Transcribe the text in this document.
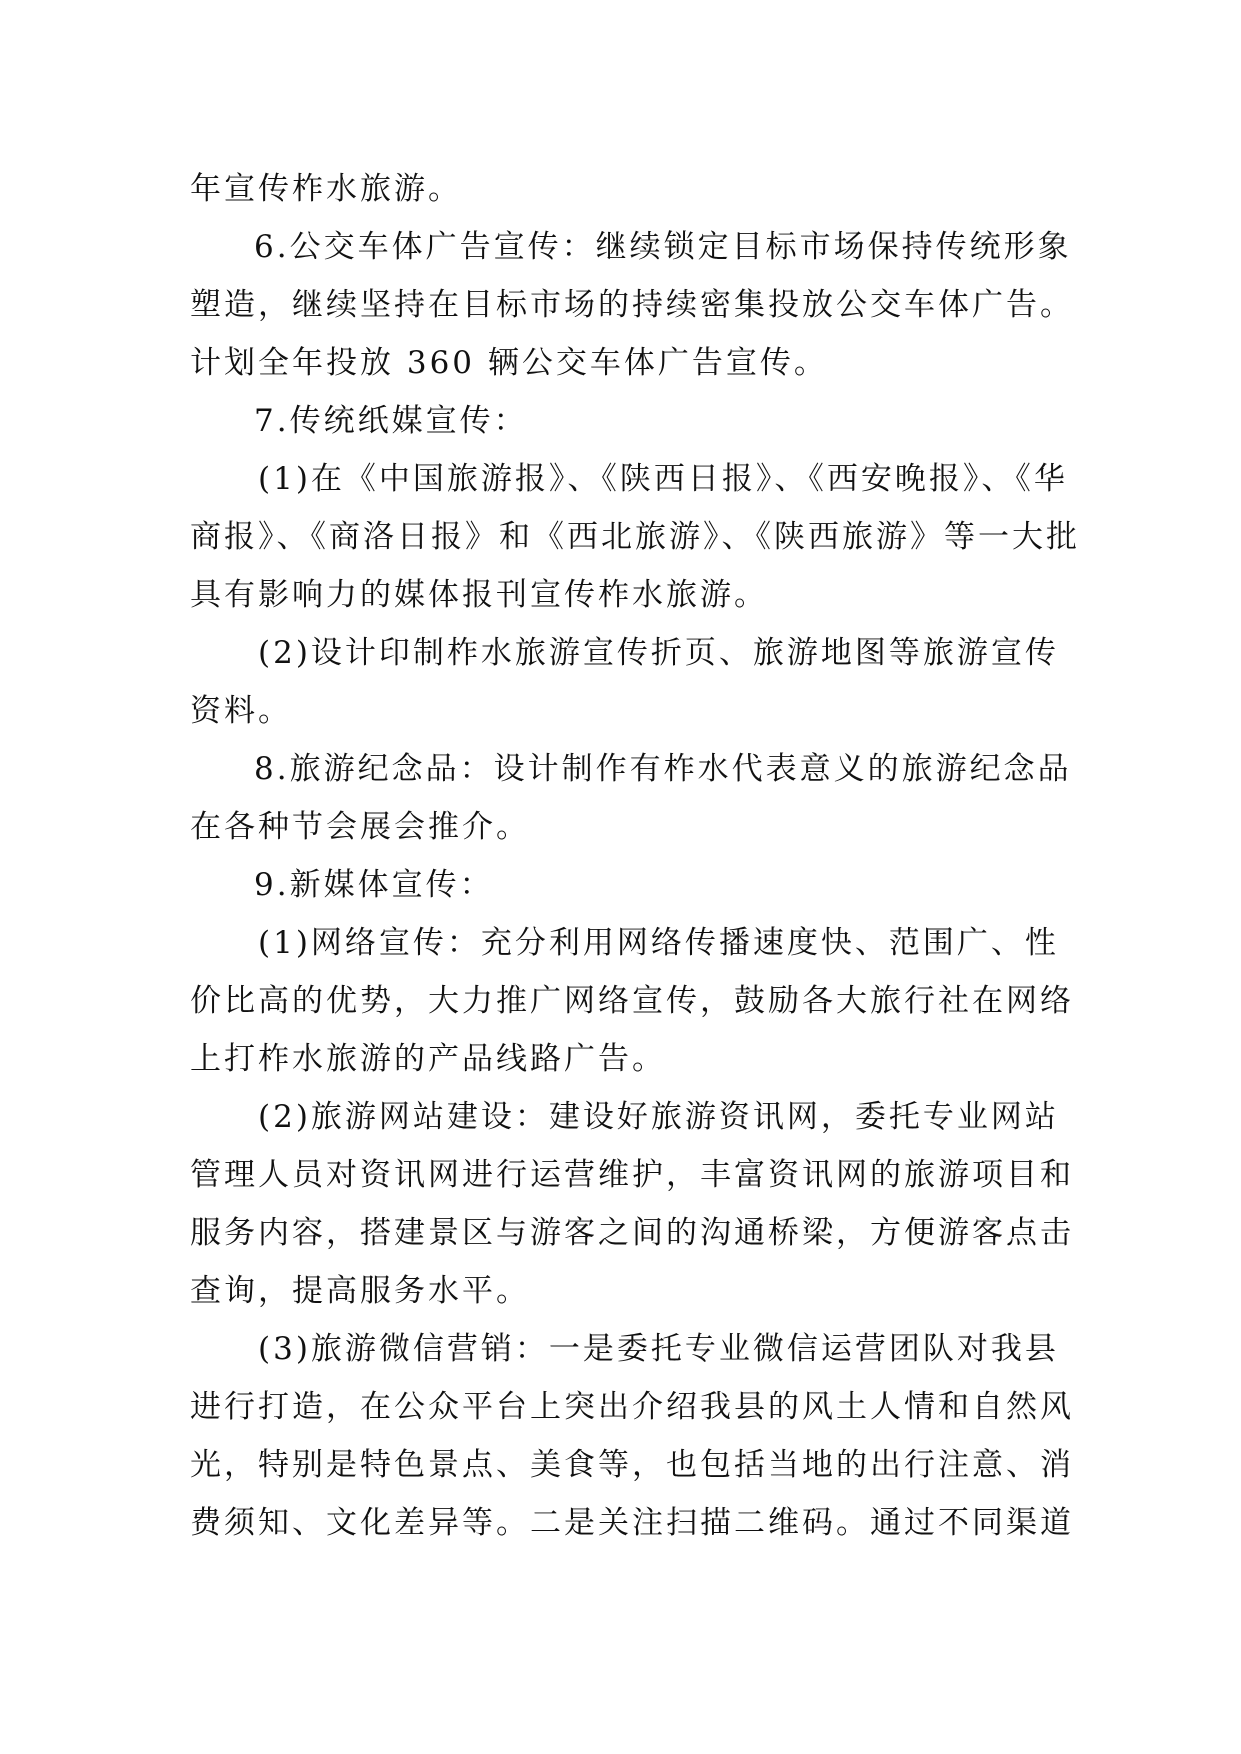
年宣传柞水旅游。
6.公交车体广告宣传：继续锁定目标市场保持传统形象
塑造，继续坚持在目标市场的持续密集投放公交车体广告。
计划全年投放 360 辆公交车体广告宣传。
7.传统纸媒宣传：
(1)在《中国旅游报》、《陕西日报》、《西安晚报》、《华
商报》、《商洛日报》和《西北旅游》、《陕西旅游》等一大批
具有影响力的媒体报刊宣传柞水旅游。
(2)设计印制柞水旅游宣传折页、旅游地图等旅游宣传
资料。
8.旅游纪念品：设计制作有柞水代表意义的旅游纪念品
在各种节会展会推介。
9.新媒体宣传：
(1)网络宣传：充分利用网络传播速度快、范围广、性
价比高的优势，大力推广网络宣传，鼓励各大旅行社在网络
上打柞水旅游的产品线路广告。
(2)旅游网站建设：建设好旅游资讯网，委托专业网站
管理人员对资讯网进行运营维护，丰富资讯网的旅游项目和
服务内容，搭建景区与游客之间的沟通桥梁，方便游客点击
查询，提高服务水平。
(3)旅游微信营销：一是委托专业微信运营团队对我县
进行打造，在公众平台上突出介绍我县的风土人情和自然风
光，特别是特色景点、美食等，也包括当地的出行注意、消
费须知、文化差异等。二是关注扫描二维码。通过不同渠道
